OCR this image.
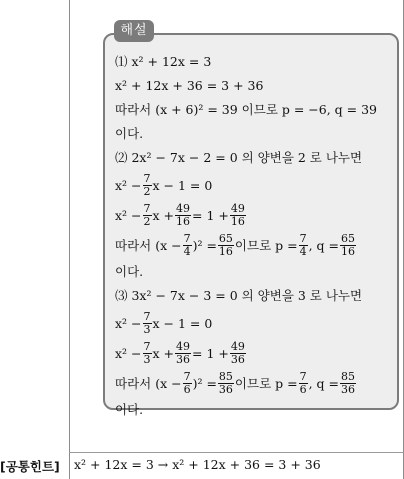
해설
⑴ x² + 12x = 3
x² + 12x + 36 = 3 + 36
따라서 (x + 6)² = 39 이므로 p = −6, q = 39
이다.
⑵ 2x² − 7x − 2 = 0 의 양변을 2 로 나누면
$x^2 - \frac{7}{2}$ x − 1 = 0
$x^2 - \frac{7}{2}$ $x + \frac{49}{16} = 1 + \frac{49}{16}$
따라서 $(x - \frac{7}{4} )^2 = \frac{65}{16}$ 이므로 $p = \frac{7}{4}$ , $q = \frac{65}{16}$
이다.
⑶ 3x² − 7x − 3 = 0 의 양변을 3 로 나누면
$x^2 - \frac{7}{3}$ x − 1 = 0
$x^2 - \frac{7}{3}$ $x + \frac{49}{36} = 1 + \frac{49}{36}$
따라서 $(x - \frac{7}{6} )^2 = \frac{85}{36}$ 이므로 $p = \frac{7}{6}$ , $q = \frac{85}{36}$
이다.
[공통힌트]	x² + 12x = 3 → x² + 12x + 36 = 3 + 36
